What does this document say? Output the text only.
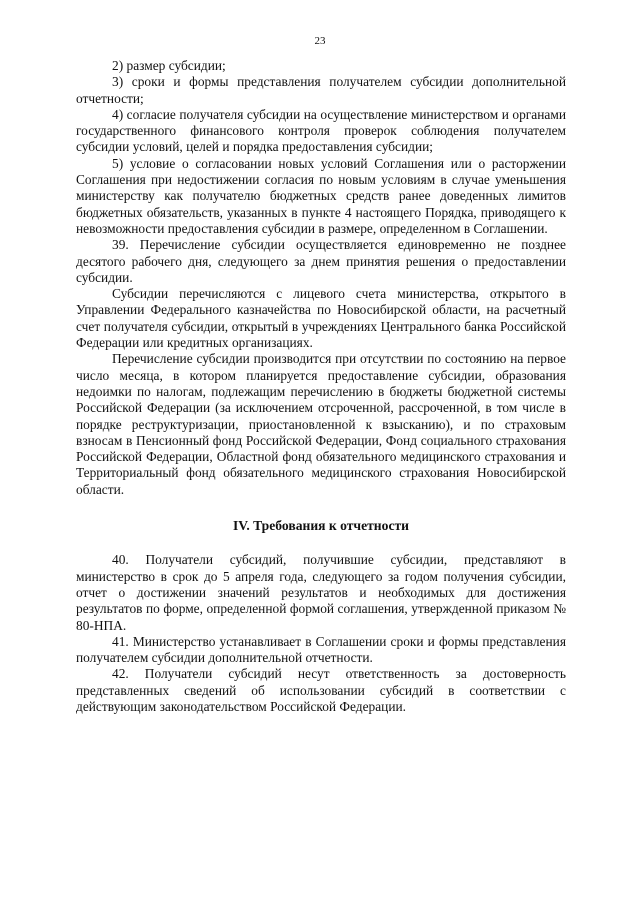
23

2) размер субсидии;

3) сроки и формы представления получателем субсидии дополнительной отчетности;

4) согласие получателя субсидии на осуществление министерством и органами государственного финансового контроля проверок соблюдения получателем субсидии условий, целей и порядка предоставления субсидии;

5) условие о согласовании новых условий Соглашения или о расторжении Соглашения при недостижении согласия по новым условиям в случае уменьшения министерству как получателю бюджетных средств ранее доведенных лимитов бюджетных обязательств, указанных в пункте 4 настоящего Порядка, приводящего к невозможности предоставления субсидии в размере, определенном в Соглашении.

39. Перечисление субсидии осуществляется единовременно не позднее десятого рабочего дня, следующего за днем принятия решения о предоставлении субсидии.

Субсидии перечисляются с лицевого счета министерства, открытого в Управлении Федерального казначейства по Новосибирской области, на расчетный счет получателя субсидии, открытый в учреждениях Центрального банка Российской Федерации или кредитных организациях.

Перечисление субсидии производится при отсутствии по состоянию на первое число месяца, в котором планируется предоставление субсидии, образования недоимки по налогам, подлежащим перечислению в бюджеты бюджетной системы Российской Федерации (за исключением отсроченной, рассроченной, в том числе в порядке реструктуризации, приостановленной к взысканию), и по страховым взносам в Пенсионный фонд Российской Федерации, Фонд социального страхования Российской Федерации, Областной фонд обязательного медицинского страхования и Территориальный фонд обязательного медицинского страхования Новосибирской области.

IV. Требования к отчетности

40. Получатели субсидий, получившие субсидии, представляют в министерство в срок до 5 апреля года, следующего за годом получения субсидии, отчет о достижении значений результатов и необходимых для достижения результатов по форме, определенной формой соглашения, утвержденной приказом № 80-НПА.

41. Министерство устанавливает в Соглашении сроки и формы представления получателем субсидии дополнительной отчетности.

42. Получатели субсидий несут ответственность за достоверность представленных сведений об использовании субсидий в соответствии с действующим законодательством Российской Федерации.
